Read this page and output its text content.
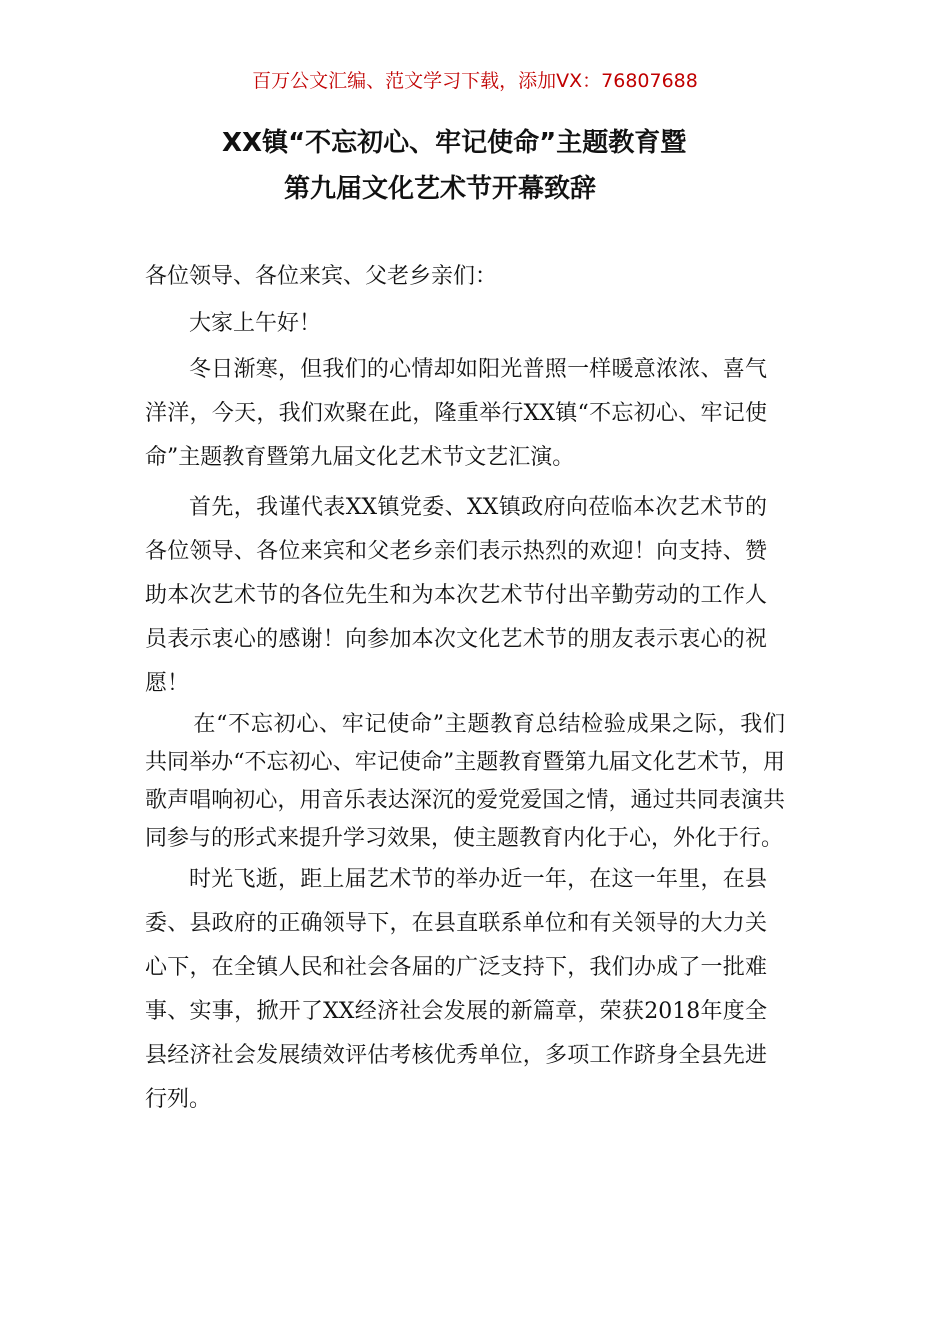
百万公文汇编、范文学习下载，添加VX：76807688
XX镇“不忘初心、牢记使命”主题教育暨
第九届文化艺术节开幕致辞

各位领导、各位来宾、父老乡亲们：

大家上午好！

冬日渐寒，但我们的心情却如阳光普照一样暖意浓浓、喜气洋洋，今天，我们欢聚在此，隆重举行XX镇“不忘初心、牢记使命”主题教育暨第九届文化艺术节文艺汇演。

首先，我谨代表XX镇党委、XX镇政府向莅临本次艺术节的各位领导、各位来宾和父老乡亲们表示热烈的欢迎！向支持、赞助本次艺术节的各位先生和为本次艺术节付出辛勤劳动的工作人员表示衷心的感谢！向参加本次文化艺术节的朋友表示衷心的祝愿！

在“不忘初心、牢记使命”主题教育总结检验成果之际，我们共同举办“不忘初心、牢记使命”主题教育暨第九届文化艺术节，用歌声唱响初心，用音乐表达深沉的爱党爱国之情，通过共同表演共同参与的形式来提升学习效果，使主题教育内化于心，外化于行。

时光飞逝，距上届艺术节的举办近一年，在这一年里，在县委、县政府的正确领导下，在县直联系单位和有关领导的大力关心下，在全镇人民和社会各届的广泛支持下，我们办成了一批难事、实事，掀开了XX经济社会发展的新篇章，荣获2018年度全县经济社会发展绩效评估考核优秀单位，多项工作跻身全县先进行列。
